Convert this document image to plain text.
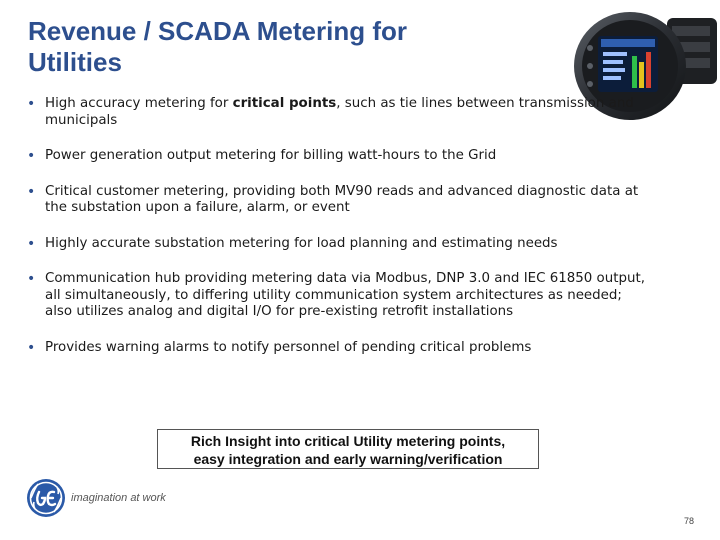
Revenue / SCADA Metering for
Utilities
• High accuracy metering for critical points, such as tie lines between transmission and municipals
• Power generation output metering for billing watt-hours to the Grid
• Critical customer metering, providing both MV90 reads and advanced diagnostic data at the substation upon a failure, alarm, or event
• Highly accurate substation metering for load planning and estimating needs
• Communication hub providing metering data via Modbus, DNP 3.0 and IEC 61850 output, all simultaneously, to differing utility communication system architectures as needed; also utilizes analog and digital I/O for pre-existing retrofit installations
• Provides warning alarms to notify personnel of pending critical problems
Rich Insight into critical Utility metering points,
easy integration and early warning/verification
imagination at work
78
